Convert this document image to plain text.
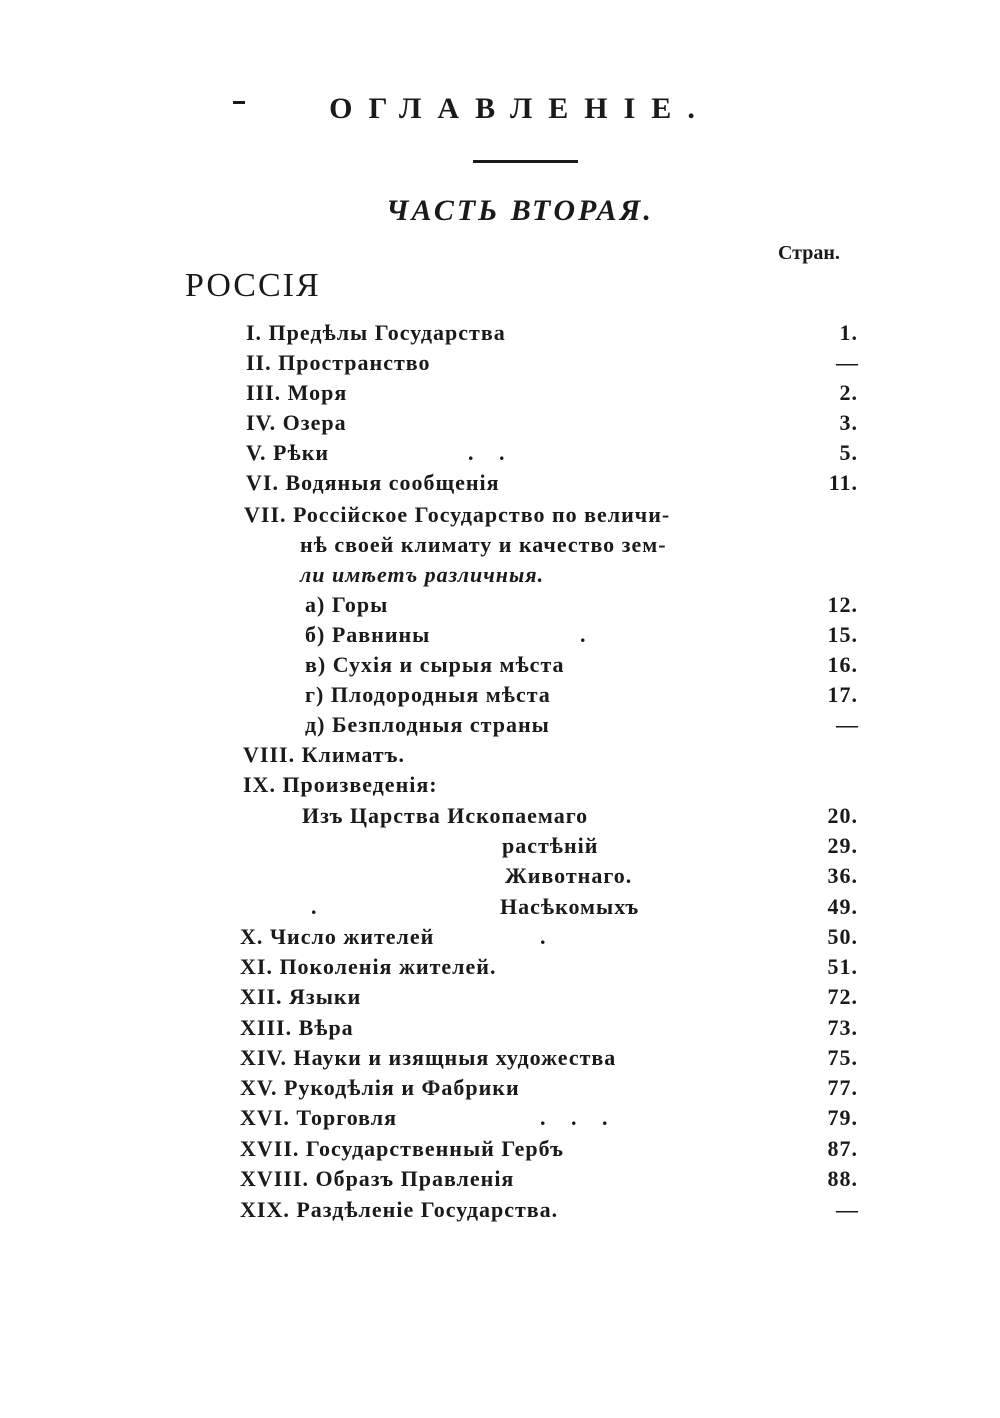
ОГЛАВЛЕНІЕ.
ЧАСТЬ ВТОРАЯ.
Стран.
РОССІЯ
I. Предѣлы Государства	1.
II. Пространство	—
III. Моря	2.
IV. Озера	3.
V. Рѣки	. .	5.
VI. Водяныя сообщенія	11.
VII. Россійское Государство по величи-
нѣ своей климату и качество зем-
ли имѣетъ различныя.
а) Горы	12.
б) Равнины	.	15.
в) Сухія и сырыя мѣста	16.
г) Плодородныя мѣста	17.
д) Безплодныя страны	—
VIII. Климатъ.
IX. Произведенія:
Изъ Царства Ископаемаго	20.
растѣній	29.
Животнаго.	36.
.	Насѣкомыхъ	49.
X. Число жителей	.	50.
XI. Поколенія жителей.	51.
XII. Языки	72.
XIII. Вѣра	73.
XIV. Науки и изящныя художества	75.
XV. Рукодѣлія и Фабрики	77.
XVI. Торговля	. . .	79.
XVII. Государственный Гербъ	87.
XVIII. Образъ Правленія	88.
XIX. Раздѣленіе Государства.	—
